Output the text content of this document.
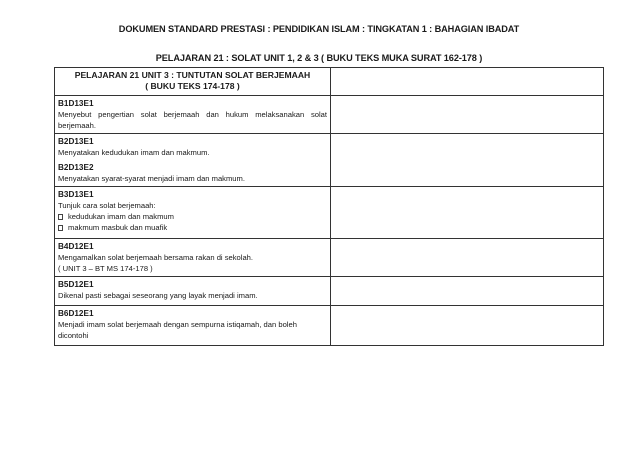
DOKUMEN STANDARD PRESTASI : PENDIDIKAN ISLAM : TINGKATAN 1 : BAHAGIAN IBADAT
PELAJARAN 21 : SOLAT UNIT 1, 2 & 3 ( BUKU TEKS MUKA SURAT 162-178 )
PELAJARAN 21 UNIT 3 : TUNTUTAN SOLAT BERJEMAAH
( BUKU TEKS 174-178 )
B1D13E1
Menyebut pengertian solat berjemaah dan hukum melaksanakan solat berjemaah.
B2D13E1
Menyatakan kedudukan imam dan makmum.
B2D13E2
Menyatakan syarat-syarat menjadi imam dan makmum.
B3D13E1
Tunjuk cara solat berjemaah:
kedudukan imam dan makmum
makmum masbuk dan muafik
B4D12E1
Mengamalkan solat berjemaah bersama rakan di sekolah.
( UNIT 3 – BT MS 174-178 )
B5D12E1
Dikenal pasti sebagai seseorang yang layak menjadi imam.
B6D12E1
Menjadi imam solat berjemaah dengan sempurna istiqamah, dan boleh dicontohi
